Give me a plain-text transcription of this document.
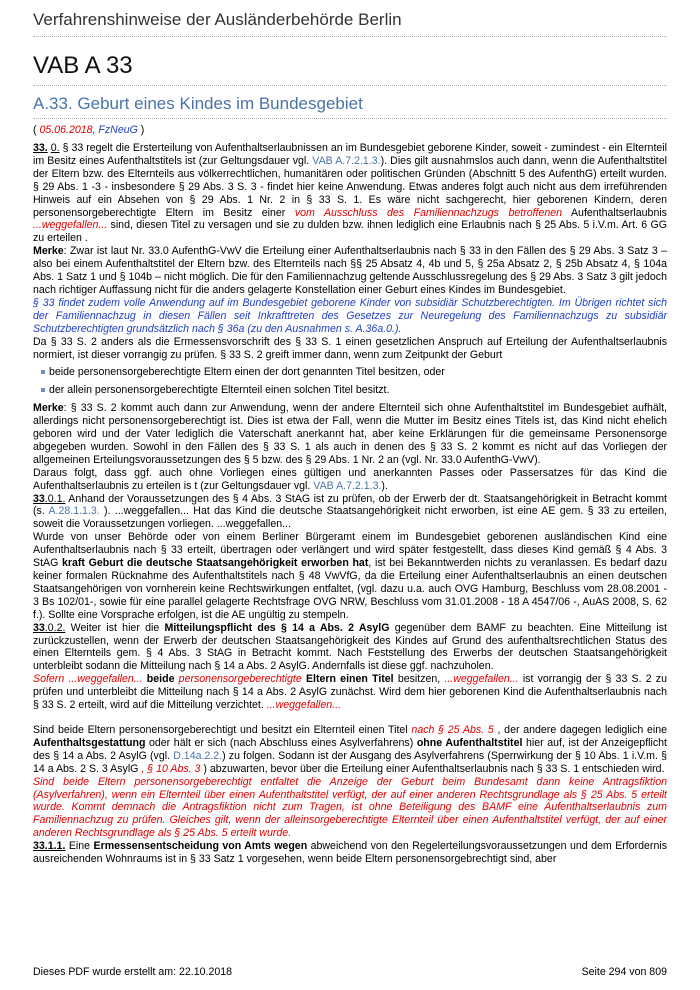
Verfahrenshinweise der Ausländerbehörde Berlin
VAB A 33
A.33. Geburt eines Kindes im Bundesgebiet
( 05.06.2018, FzNeuG )

33. 0. § 33 regelt die Ersterteilung von Aufenthaltserlaubnissen an im Bundesgebiet geborene Kinder, soweit - zumindest - ein Elternteil im Besitz eines Aufenthaltstitels ist (zur Geltungsdauer vgl. VAB A.7.2.1.3.). Dies gilt ausnahmslos auch dann, wenn die Aufenthaltstitel der Eltern bzw. des Elternteils aus völkerrechtlichen, humanitären oder politischen Gründen (Abschnitt 5 des AufenthG) erteilt wurden. § 29 Abs. 1 -3 - insbesondere § 29 Abs. 3 S. 3 - findet hier keine Anwendung. Etwas anderes folgt auch nicht aus dem irreführenden Hinweis auf ein Absehen von § 29 Abs. 1 Nr. 2 in § 33 S. 1. Es wäre nicht sachgerecht, hier geborenen Kindern, deren personensorgeberechtigte Eltern im Besitz einer vom Ausschluss des Familiennachzugs betroffenen Aufenthaltserlaubnis ...weggefallen... sind, diesen Titel zu versagen und sie zu dulden bzw. ihnen lediglich eine Erlaubnis nach § 25 Abs. 5 i.V.m. Art. 6 GG zu erteilen .

Merke: Zwar ist laut Nr. 33.0 AufenthG-VwV die Erteilung einer Aufenthaltserlaubnis nach § 33 in den Fällen des § 29 Abs. 3 Satz 3 – also bei einem Aufenthaltstitel der Eltern bzw. des Elternteils nach §§ 25 Absatz 4, 4b und 5, § 25a Absatz 2, § 25b Absatz 4, § 104a Abs. 1 Satz 1 und § 104b – nicht möglich. Die für den Familiennachzug geltende Ausschlussregelung des § 29 Abs. 3 Satz 3 gilt jedoch nach richtiger Auffassung nicht für die anders gelagerte Konstellation einer Geburt eines Kindes im Bundesgebiet.

§ 33 findet zudem volle Anwendung auf im Bundesgebiet geborene Kinder von subsidiär Schutzberechtigten. Im Übrigen richtet sich der Familiennachzug in diesen Fällen seit Inkrafttreten des Gesetzes zur Neuregelung des Familiennachzugs zu subsidiär Schutzberechtigten grundsätzlich nach § 36a (zu den Ausnahmen s. A.36a.0.).

Da § 33 S. 2 anders als die Ermessensvorschrift des § 33 S. 1 einen gesetzlichen Anspruch auf Erteilung der Aufenthaltserlaubnis normiert, ist dieser vorrangig zu prüfen. § 33 S. 2 greift immer dann, wenn zum Zeitpunkt der Geburt

beide personensorgeberechtigte Eltern einen der dort genannten Titel besitzen, oder
der allein personensorgeberechtigte Elternteil einen solchen Titel besitzt.

Merke: § 33 S. 2 kommt auch dann zur Anwendung, wenn der andere Elternteil sich ohne Aufenthaltstitel im Bundesgebiet aufhält, allerdings nicht personensorgeberechtigt ist. Dies ist etwa der Fall, wenn die Mutter im Besitz eines Titels ist, das Kind nicht ehelich geboren wird und der Vater lediglich die Vaterschaft anerkannt hat, aber keine Erklärungen für die gemeinsame Personensorge abgegeben wurden. Sowohl in den Fällen des § 33 S. 1 als auch in denen des § 33 S. 2 kommt es nicht auf das Vorliegen der allgemeinen Erteilungsvoraussetzungen des § 5 bzw. des § 29 Abs. 1 Nr. 2 an (vgl. Nr. 33.0 AufenthG-VwV).

Daraus folgt, dass ggf. auch ohne Vorliegen eines gültigen und anerkannten Passes oder Passersatzes für das Kind die Aufenthaltserlaubnis zu erteilen is t (zur Geltungsdauer vgl. VAB A.7.2.1.3.).

33.0.1. Anhand der Voraussetzungen des § 4 Abs. 3 StAG ist zu prüfen, ob der Erwerb der dt. Staatsangehörigkeit in Betracht kommt (s. A.28.1.1.3. ). ...weggefallen... Hat das Kind die deutsche Staatsangehörigkeit nicht erworben, ist eine AE gem. § 33 zu erteilen, soweit die Voraussetzungen vorliegen. ...weggefallen...

Wurde von unser Behörde oder von einem Berliner Bürgeramt einem im Bundesgebiet geborenen ausländischen Kind eine Aufenthaltserlaubnis nach § 33 erteilt, übertragen oder verlängert und wird später festgestellt, dass dieses Kind gemäß § 4 Abs. 3 StAG kraft Geburt die deutsche Staatsangehörigkeit erworben hat, ist bei Bekanntwerden nichts zu veranlassen. Es bedarf dazu keiner formalen Rücknahme des Aufenthaltstitels nach § 48 VwVfG, da die Erteilung einer Aufenthaltserlaubnis an einen deutschen Staatsangehörigen von vornherein keine Rechtswirkungen entfaltet, (vgl. dazu u.a. auch OVG Hamburg, Beschluss vom 28.08.2001 - 3 Bs 102/01-, sowie für eine parallel gelagerte Rechtsfrage OVG NRW, Beschluss vom 31.01.2008 - 18 A 4547/06 -, AuAS 2008, S. 62 f.). Sollte eine Vorsprache erfolgen, ist die AE ungültig zu stempeln.

33.0.2. Weiter ist hier die Mitteilungspflicht des § 14 a Abs. 2 AsylG gegenüber dem BAMF zu beachten. Eine Mitteilung ist zurückzustellen, wenn der Erwerb der deutschen Staatsangehörigkeit des Kindes auf Grund des aufenthaltsrechtlichen Status des einen Elternteils gem. § 4 Abs. 3 StAG in Betracht kommt. Nach Feststellung des Erwerbs der deutschen Staatsangehörigkeit unterbleibt sodann die Mitteilung nach § 14 a Abs. 2 AsylG. Andernfalls ist diese ggf. nachzuholen.

Sofern ...weggefallen... beide personensorgeberechtigte Eltern einen Titel besitzen, ...weggefallen... ist vorrangig der § 33 S. 2 zu prüfen und unterbleibt die Mitteilung nach § 14 a Abs. 2 AsylG zunächst. Wird dem hier geborenen Kind die Aufenthaltserlaubnis nach § 33 S. 2 erteilt, wird auf die Mitteilung verzichtet. ...weggefallen...

Sind beide Eltern personensorgeberechtigt und besitzt ein Elternteil einen Titel nach § 25 Abs. 5 , der andere dagegen lediglich eine Aufenthaltsgestattung oder hält er sich (nach Abschluss eines Asylverfahrens) ohne Aufenthaltstitel hier auf, ist der Anzeigepflicht des § 14 a Abs. 2 AsylG (vgl. D.14a.2.2.) zu folgen. Sodann ist der Ausgang des Asylverfahrens (Sperrwirkung der § 10 Abs. 1 i.V.m. § 14 a Abs. 2 S. 3 AsylG , § 10 Abs. 3 ) abzuwarten, bevor über die Erteilung einer Aufenthaltserlaubnis nach § 33 S. 1 entschieden wird.

Sind beide Eltern personensorgeberechtigt entfaltet die Anzeige der Geburt beim Bundesamt dann keine Antragsfiktion (Asylverfahren), wenn ein Elternteil über einen Aufenthaltstitel verfügt, der auf einer anderen Rechtsgrundlage als § 25 Abs. 5 erteilt wurde. Kommt demnach die Antragsfiktion nicht zum Tragen, ist ohne Beteiligung des BAMF eine Aufenthaltserlaubnis zum Familiennachzug zu prüfen. Gleiches gilt, wenn der alleinsorgeberechtigte Elternteil über einen Aufenthaltstitel verfügt, der auf einer anderen Rechtsgrundlage als § 25 Abs. 5 erteilt wurde.

33.1.1. Eine Ermessensentscheidung von Amts wegen abweichend von den Regelerteilungsvoraussetzungen und dem Erfordernis ausreichenden Wohnraums ist in § 33 Satz 1 vorgesehen, wenn beide Eltern personensorgebrechtigt sind, aber

Dieses PDF wurde erstellt am: 22.10.2018	Seite 294 von 809
